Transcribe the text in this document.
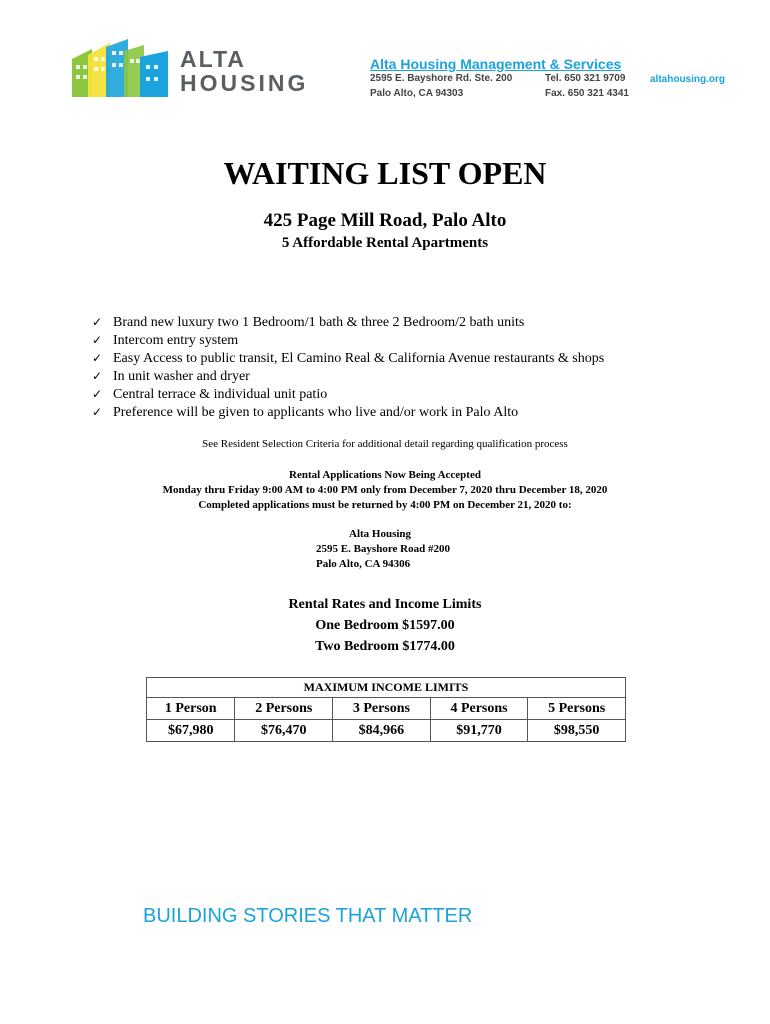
ALTA
HOUSING
Alta Housing Management & Services
2595 E. Bayshore Rd. Ste. 200
Palo Alto, CA 94303
Tel. 650 321 9709
Fax. 650 321 4341
altahousing.org
WAITING LIST OPEN
425 Page Mill Road, Palo Alto
5 Affordable Rental Apartments
✓ Brand new luxury two 1 Bedroom/1 bath & three 2 Bedroom/2 bath units
✓ Intercom entry system
✓ Easy Access to public transit, El Camino Real & California Avenue restaurants & shops
✓ In unit washer and dryer
✓ Central terrace & individual unit patio
✓ Preference will be given to applicants who live and/or work in Palo Alto
See Resident Selection Criteria for additional detail regarding qualification process
Rental Applications Now Being Accepted
Monday thru Friday 9:00 AM to 4:00 PM only from December 7, 2020 thru December 18, 2020
Completed applications must be returned by 4:00 PM on December 21, 2020 to:
Alta Housing
2595 E. Bayshore Road #200
Palo Alto, CA 94306
Rental Rates and Income Limits
One Bedroom $1597.00
Two Bedroom $1774.00
MAXIMUM INCOME LIMITS				
1 Person	2 Persons	3 Persons	4 Persons	5 Persons
$67,980	$76,470	$84,966	$91,770	$98,550
BUILDING STORIES THAT MATTER
